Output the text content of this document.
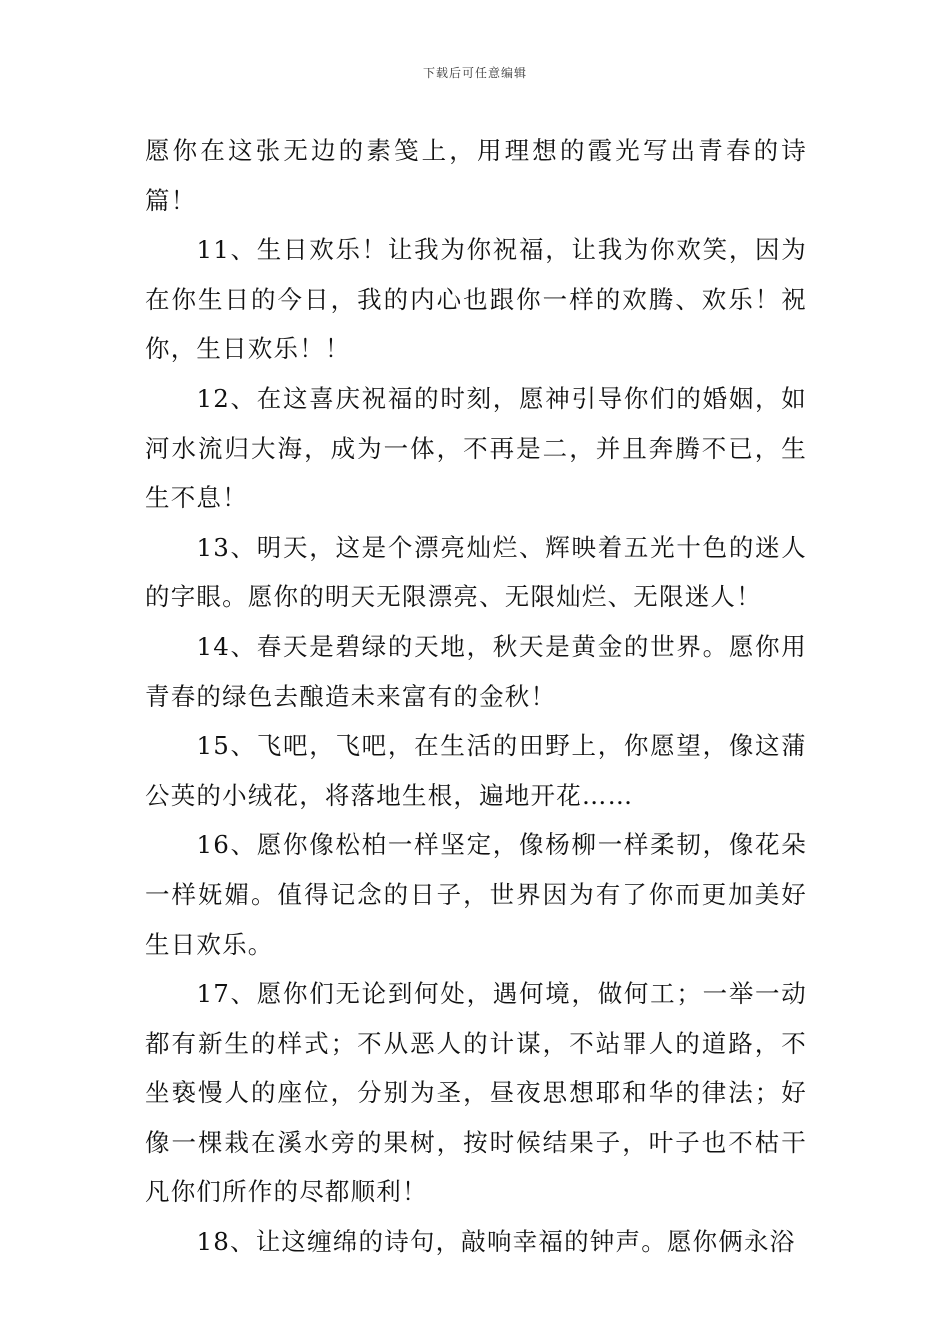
下载后可任意编辑

愿你在这张无边的素笺上，用理想的霞光写出青春的诗篇！

11、生日欢乐！让我为你祝福，让我为你欢笑，因为在你生日的今日，我的内心也跟你一样的欢腾、欢乐！祝你，生日欢乐！！

12、在这喜庆祝福的时刻，愿神引导你们的婚姻，如河水流归大海，成为一体，不再是二，并且奔腾不已，生生不息！

13、明天，这是个漂亮灿烂、辉映着五光十色的迷人的字眼。愿你的明天无限漂亮、无限灿烂、无限迷人！

14、春天是碧绿的天地，秋天是黄金的世界。愿你用青春的绿色去酿造未来富有的金秋！

15、飞吧，飞吧，在生活的田野上，你愿望，像这蒲公英的小绒花，将落地生根，遍地开花……

16、愿你像松柏一样坚定，像杨柳一样柔韧，像花朵一样妩媚。值得记念的日子，世界因为有了你而更加美好生日欢乐。

17、愿你们无论到何处，遇何境，做何工；一举一动都有新生的样式；不从恶人的计谋，不站罪人的道路，不坐亵慢人的座位，分别为圣，昼夜思想耶和华的律法；好像一棵栽在溪水旁的果树，按时候结果子，叶子也不枯干凡你们所作的尽都顺利！

18、让这缠绵的诗句，敲响幸福的钟声。愿你俩永浴
